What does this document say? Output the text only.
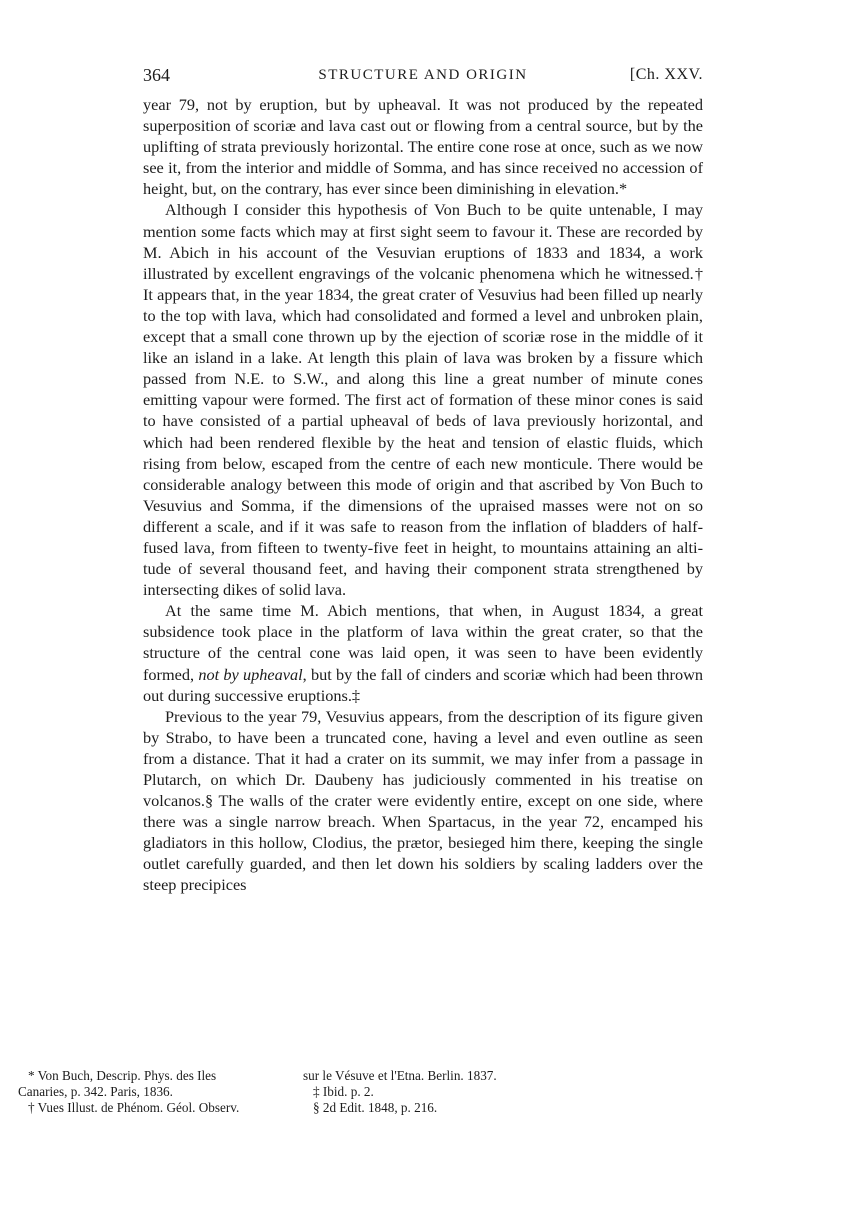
364	STRUCTURE AND ORIGIN	[Ch. XXV.

year 79, not by eruption, but by upheaval. It was not produced by the repeated superposition of scoriæ and lava cast out or flowing from a central source, but by the uplifting of strata previously horizontal. The entire cone rose at once, such as we now see it, from the interior and middle of Somma, and has since received no accession of height, but, on the contrary, has ever since been diminishing in elevation.*

Although I consider this hypothesis of Von Buch to be quite untenable, I may mention some facts which may at first sight seem to favour it. These are recorded by M. Abich in his account of the Vesuvian eruptions of 1833 and 1834, a work illustrated by excellent engravings of the volcanic phenomena which he witnessed.† It appears that, in the year 1834, the great crater of Vesuvius had been filled up nearly to the top with lava, which had consolidated and formed a level and unbroken plain, except that a small cone thrown up by the ejection of scoriæ rose in the middle of it like an island in a lake. At length this plain of lava was broken by a fissure which passed from N.E. to S.W., and along this line a great number of minute cones emitting vapour were formed. The first act of formation of these minor cones is said to have consisted of a partial upheaval of beds of lava previously horizontal, and which had been rendered flexible by the heat and tension of elastic fluids, which rising from below, escaped from the centre of each new monticule. There would be considerable analogy between this mode of origin and that ascribed by Von Buch to Vesuvius and Somma, if the dimensions of the upraised masses were not on so different a scale, and if it was safe to reason from the inflation of bladders of half-fused lava, from fifteen to twenty-five feet in height, to mountains attaining an altitude of several thousand feet, and having their component strata strengthened by intersecting dikes of solid lava.

At the same time M. Abich mentions, that when, in August 1834, a great subsidence took place in the platform of lava within the great crater, so that the structure of the central cone was laid open, it was seen to have been evidently formed, not by upheaval, but by the fall of cinders and scoriæ which had been thrown out during successive eruptions.‡

Previous to the year 79, Vesuvius appears, from the description of its figure given by Strabo, to have been a truncated cone, having a level and even outline as seen from a distance. That it had a crater on its summit, we may infer from a passage in Plutarch, on which Dr. Daubeny has judiciously commented in his treatise on volcanos.§ The walls of the crater were evidently entire, except on one side, where there was a single narrow breach. When Spartacus, in the year 72, encamped his gladiators in this hollow, Clodius, the prætor, besieged him there, keeping the single outlet carefully guarded, and then let down his soldiers by scaling ladders over the steep precipices

* Von Buch, Descrip. Phys. des Iles
Canaries, p. 342. Paris, 1836.
† Vues Illust. de Phénom. Géol. Observ.
sur le Vésuve et l'Etna. Berlin. 1837.
‡ Ibid. p. 2.
§ 2d Edit. 1848, p. 216.
